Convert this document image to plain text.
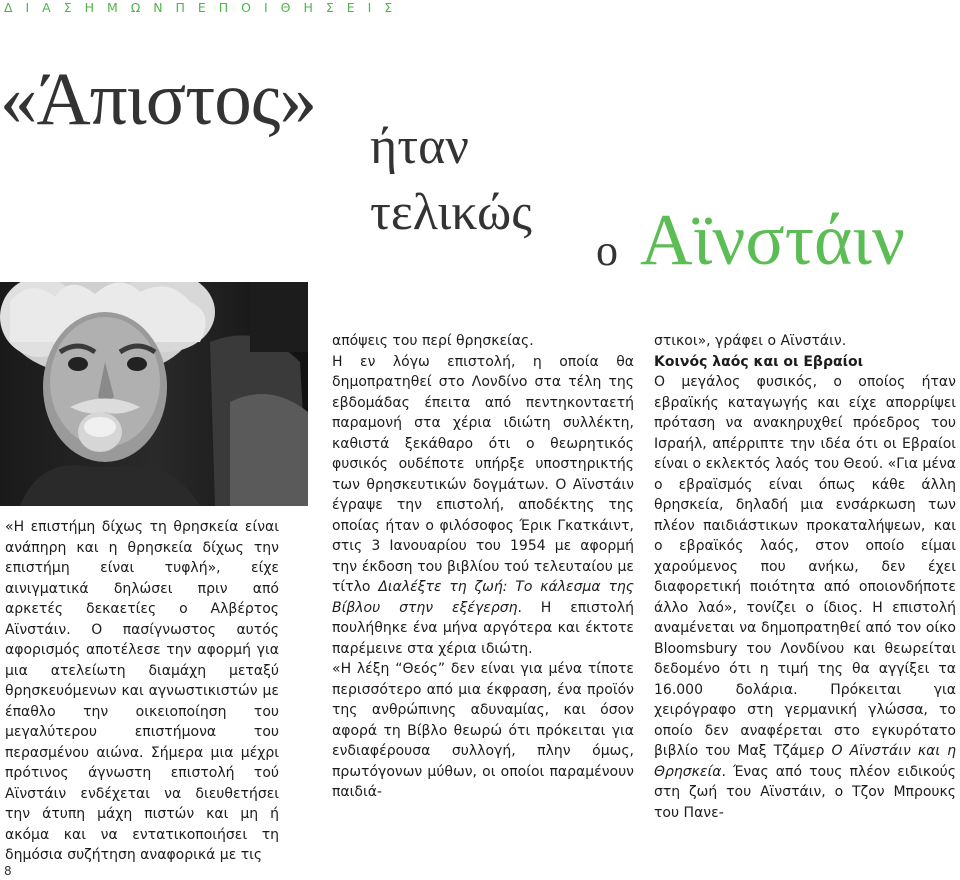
Δ Ι Α Σ Η Μ Ω Ν Π Ε Π Ο Ι Θ Η Σ Ε Ι Σ
«Άπιστος»
ήταν
τελικώς
ο Αϊνστάιν

«Η επιστήμη δίχως τη θρησκεία είναι ανάπηρη και η θρησκεία δίχως την επιστήμη είναι τυφλή», είχε αινιγματικά δηλώσει πριν από αρκετές δεκαετίες ο Αλβέρτος Αϊνστάιν. Ο πασίγνωστος αυτός αφορισμός αποτέλεσε την αφορμή για μια ατελείωτη διαμάχη μεταξύ θρησκευόμενων και αγνωστικιστών με έπαθλο την οικειοποίηση του μεγαλύτερου επιστήμονα του περασμένου αιώνα. Σήμερα μια μέχρι πρότινος άγνωστη επιστολή τού Αϊνστάιν ενδέχεται να διευθετήσει την άτυπη μάχη πιστών και μη ή ακόμα και να εντατικοποιήσει τη δημόσια συζήτηση αναφορικά με τις

απόψεις του περί θρησκείας.

Η εν λόγω επιστολή, η οποία θα δημοπρατηθεί στο Λονδίνο στα τέλη της εβδομάδας έπειτα από πεντηκονταετή παραμονή στα χέρια ιδιώτη συλλέκτη, καθιστά ξεκάθαρο ότι ο θεωρητικός φυσικός ουδέποτε υπήρξε υποστηρικτής των θρησκευτικών δογμάτων. Ο Αϊνστάιν έγραψε την επιστολή, αποδέκτης της οποίας ήταν ο φιλόσοφος Έρικ Γκατκάιντ, στις 3 Ιανουαρίου του 1954 με αφορμή την έκδοση του βιβλίου τού τελευταίου με τίτλο Διαλέξτε τη ζωή: Το κάλεσμα της Βίβλου στην εξέγερση. Η επιστολή πουλήθηκε ένα μήνα αργότερα και έκτοτε παρέμεινε στα χέρια ιδιώτη.

«Η λέξη “Θεός” δεν είναι για μένα τίποτε περισσότερο από μια έκφραση, ένα προϊόν της ανθρώπινης αδυναμίας, και όσον αφορά τη Βίβλο θεωρώ ότι πρόκειται για ενδιαφέρουσα συλλογή, πλην όμως, πρωτόγονων μύθων, οι οποίοι παραμένουν παιδιά-

στικοι», γράφει ο Αϊνστάιν.

Κοινός λαός και οι Εβραίοι

Ο μεγάλος φυσικός, ο οποίος ήταν εβραϊκής καταγωγής και είχε απορρίψει πρόταση να ανακηρυχθεί πρόεδρος του Ισραήλ, απέρριπτε την ιδέα ότι οι Εβραίοι είναι ο εκλεκτός λαός του Θεού. «Για μένα ο εβραϊσμός είναι όπως κάθε άλλη θρησκεία, δηλαδή μια ενσάρκωση των πλέον παιδιάστικων προκαταλήψεων, και ο εβραϊκός λαός, στον οποίο είμαι χαρούμενος που ανήκω, δεν έχει διαφορετική ποιότητα από οποιονδήποτε άλλο λαό», τονίζει ο ίδιος. Η επιστολή αναμένεται να δημοπρατηθεί από τον οίκο Bloomsbury του Λονδίνου και θεωρείται δεδομένο ότι η τιμή της θα αγγίξει τα 16.000 δολάρια. Πρόκειται για χειρόγραφο στη γερμανική γλώσσα, το οποίο δεν αναφέρεται στο εγκυρότατο βιβλίο του Μαξ Τζάμερ Ο Αϊνστάιν και η Θρησκεία. Ένας από τους πλέον ειδικούς στη ζωή του Αϊνστάιν, ο Τζον Μπρουκς του Πανε-

8
